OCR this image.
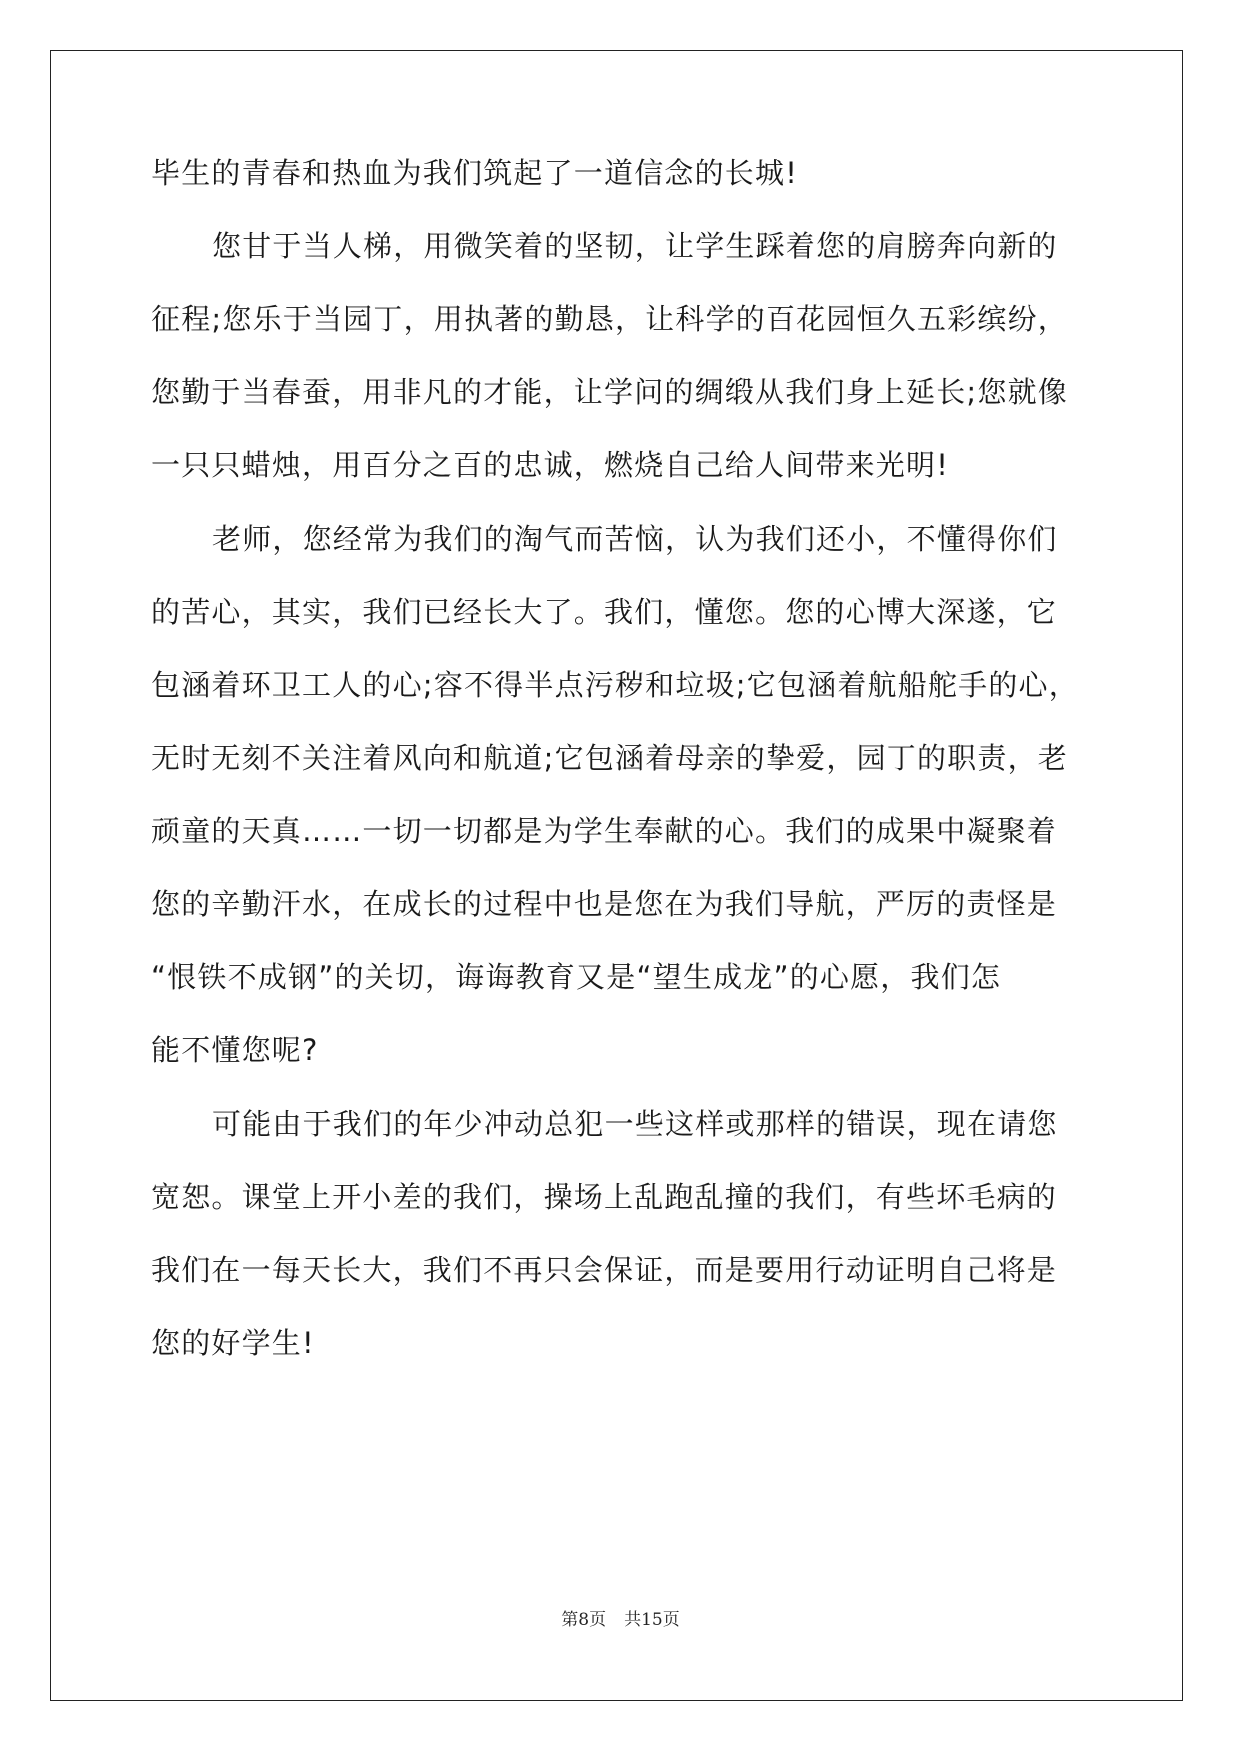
毕生的青春和热血为我们筑起了一道信念的长城!
您甘于当人梯，用微笑着的坚韧，让学生踩着您的肩膀奔向新的
征程;您乐于当园丁，用执著的勤恳，让科学的百花园恒久五彩缤纷，
您勤于当春蚕，用非凡的才能，让学问的绸缎从我们身上延长;您就像
一只只蜡烛，用百分之百的忠诚，燃烧自己给人间带来光明!
老师，您经常为我们的淘气而苦恼，认为我们还小，不懂得你们
的苦心，其实，我们已经长大了。我们，懂您。您的心博大深遂，它
包涵着环卫工人的心;容不得半点污秽和垃圾;它包涵着航船舵手的心，
无时无刻不关注着风向和航道;它包涵着母亲的挚爱，园丁的职责，老
顽童的天真……一切一切都是为学生奉献的心。我们的成果中凝聚着
您的辛勤汗水，在成长的过程中也是您在为我们导航，严厉的责怪是
“恨铁不成钢”的关切，诲诲教育又是“望生成龙”的心愿，我们怎
能不懂您呢?
可能由于我们的年少冲动总犯一些这样或那样的错误，现在请您
宽恕。课堂上开小差的我们，操场上乱跑乱撞的我们，有些坏毛病的
我们在一每天长大，我们不再只会保证，而是要用行动证明自己将是
您的好学生!
第8页 共15页
